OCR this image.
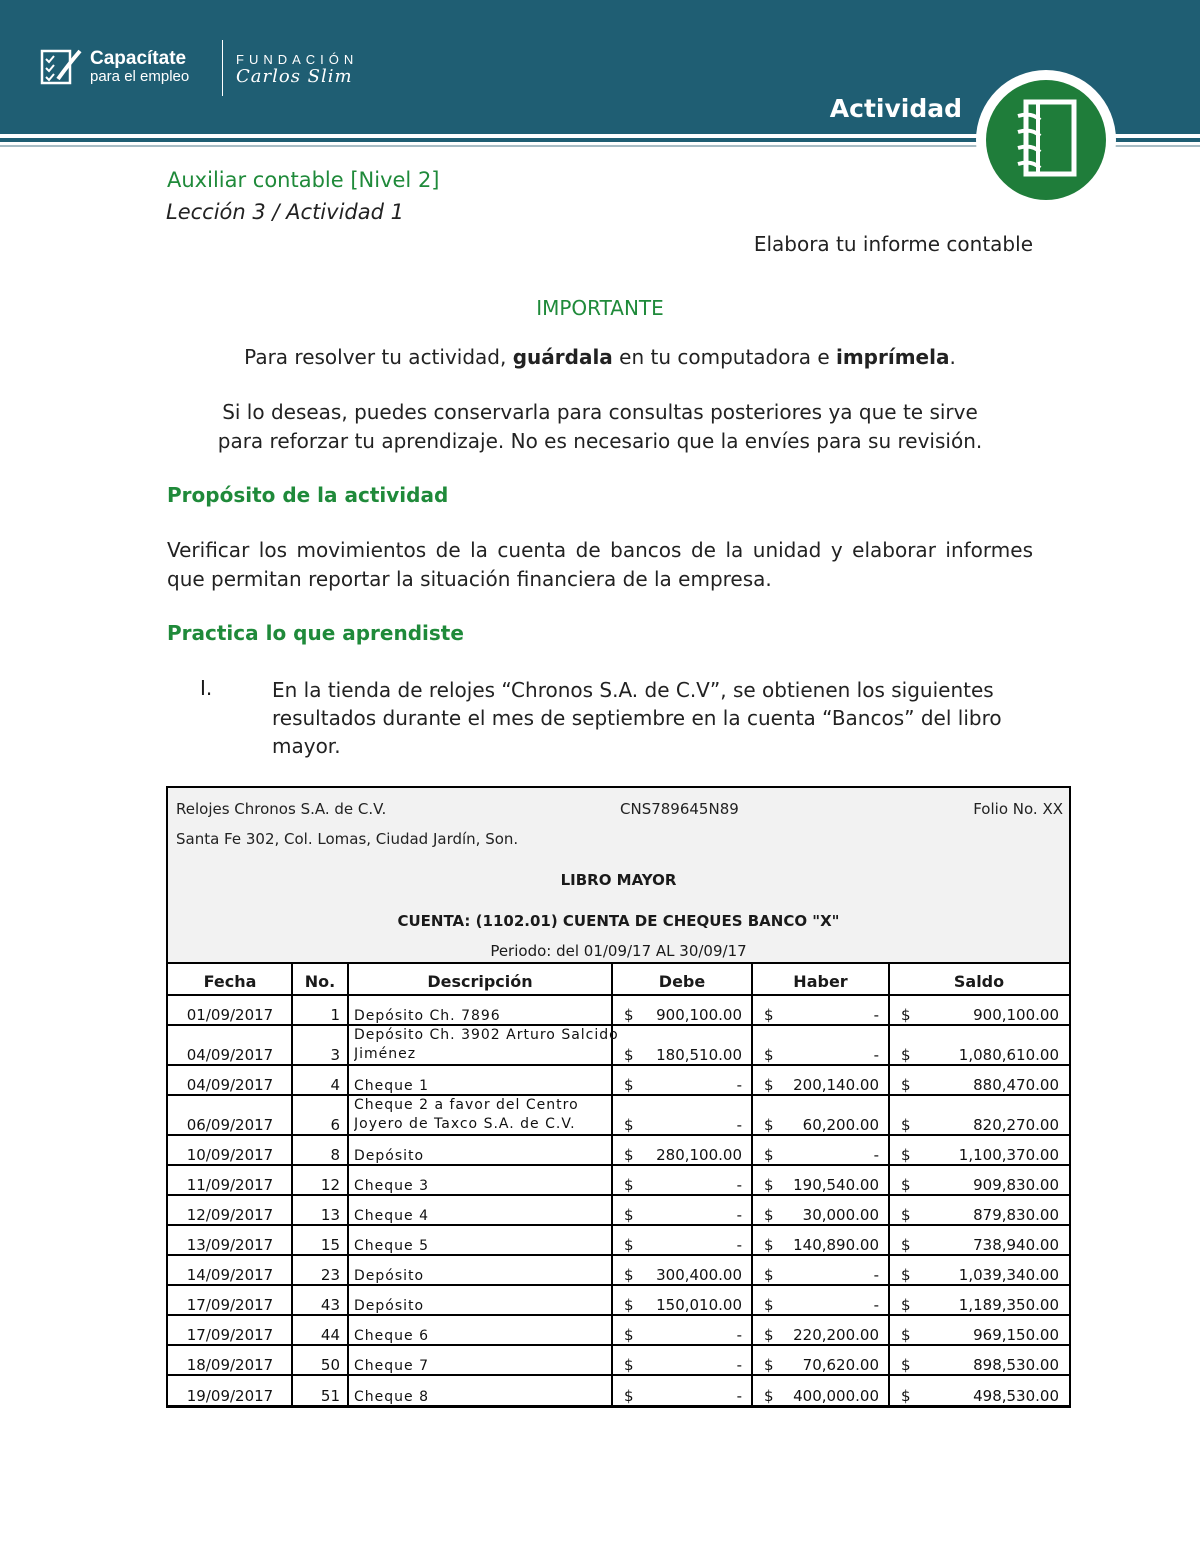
Capacítate
para el empleo
FUNDACIÓN
Carlos Slim
Actividad
Auxiliar contable [Nivel 2]
Lección 3 / Actividad 1
Elabora tu informe contable
IMPORTANTE
Para resolver tu actividad, guárdala en tu computadora e imprímela.
Si lo deseas, puedes conservarla para consultas posteriores ya que te sirve
para reforzar tu aprendizaje. No es necesario que la envíes para su revisión.
Propósito de la actividad
Verificar los movimientos de la cuenta de bancos de la unidad y elaborar informes que permitan reportar la situación financiera de la empresa.
Practica lo que aprendiste
I.	En la tienda de relojes “Chronos S.A. de C.V”, se obtienen los siguientes resultados durante el mes de septiembre en la cuenta “Bancos” del libro mayor.
Relojes Chronos S.A. de C.V.	CNS789645N89	Folio No. XX
Santa Fe 302, Col. Lomas, Ciudad Jardín, Son.
LIBRO MAYOR
CUENTA: (1102.01) CUENTA DE CHEQUES BANCO "X"
Periodo: del 01/09/17 AL 30/09/17
Fecha	No.	Descripción	Debe	Haber	Saldo
01/09/2017	1 Depósito Ch. 7896	$	900,100.00 $	- $	900,100.00
04/09/2017	3
Depósito Ch. 3902 Arturo Salcido
Jiménez	$	180,510.00 $	- $	1,080,610.00
04/09/2017	4 Cheque 1	$	- $	200,140.00 $	880,470.00
06/09/2017	6
Cheque 2 a favor del Centro
Joyero de Taxco S.A. de C.V.	$	- $	60,200.00 $	820,270.00
10/09/2017	8 Depósito	$	280,100.00 $	- $	1,100,370.00
11/09/2017	12 Cheque 3	$	- $	190,540.00 $	909,830.00
12/09/2017	13 Cheque 4	$	- $	30,000.00 $	879,830.00
13/09/2017	15 Cheque 5	$	- $	140,890.00 $	738,940.00
14/09/2017	23 Depósito	$	300,400.00 $	- $	1,039,340.00
17/09/2017	43 Depósito	$	150,010.00 $	- $	1,189,350.00
17/09/2017	44 Cheque 6	$	- $	220,200.00 $	969,150.00
18/09/2017	50 Cheque 7	$	- $	70,620.00 $	898,530.00
19/09/2017	51 Cheque 8	$	- $	400,000.00 $	498,530.00
